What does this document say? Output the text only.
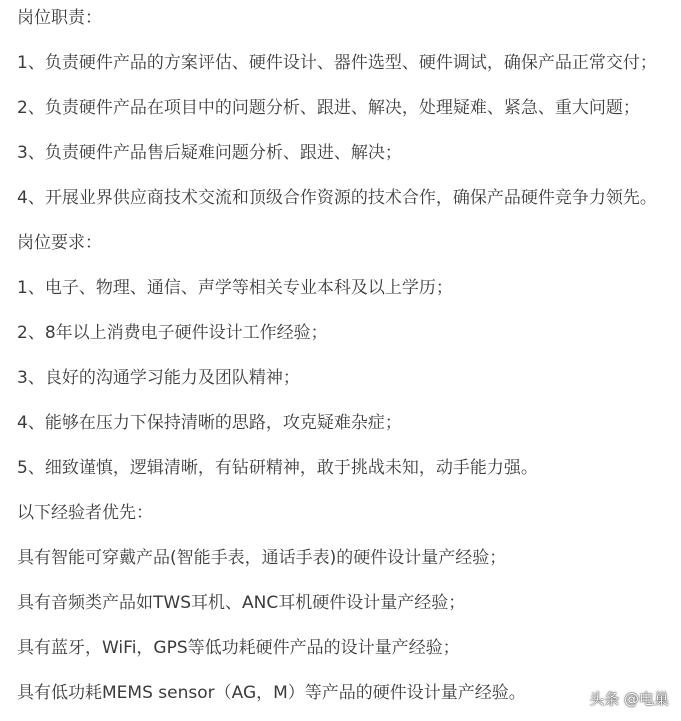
岗位职责：

1、负责硬件产品的方案评估、硬件设计、器件选型、硬件调试，确保产品正常交付；

2、负责硬件产品在项目中的问题分析、跟进、解决，处理疑难、紧急、重大问题；

3、负责硬件产品售后疑难问题分析、跟进、解决；

4、开展业界供应商技术交流和顶级合作资源的技术合作，确保产品硬件竞争力领先。

岗位要求：

1、电子、物理、通信、声学等相关专业本科及以上学历；

2、8年以上消费电子硬件设计工作经验；

3、良好的沟通学习能力及团队精神；

4、能够在压力下保持清晰的思路，攻克疑难杂症；

5、细致谨慎，逻辑清晰，有钻研精神，敢于挑战未知，动手能力强。

以下经验者优先：

具有智能可穿戴产品(智能手表，通话手表)的硬件设计量产经验；

具有音频类产品如TWS耳机、ANC耳机硬件设计量产经验；

具有蓝牙，WiFi，GPS等低功耗硬件产品的设计量产经验；

具有低功耗MEMS sensor（AG，M）等产品的硬件设计量产经验。	头条 @电巢
